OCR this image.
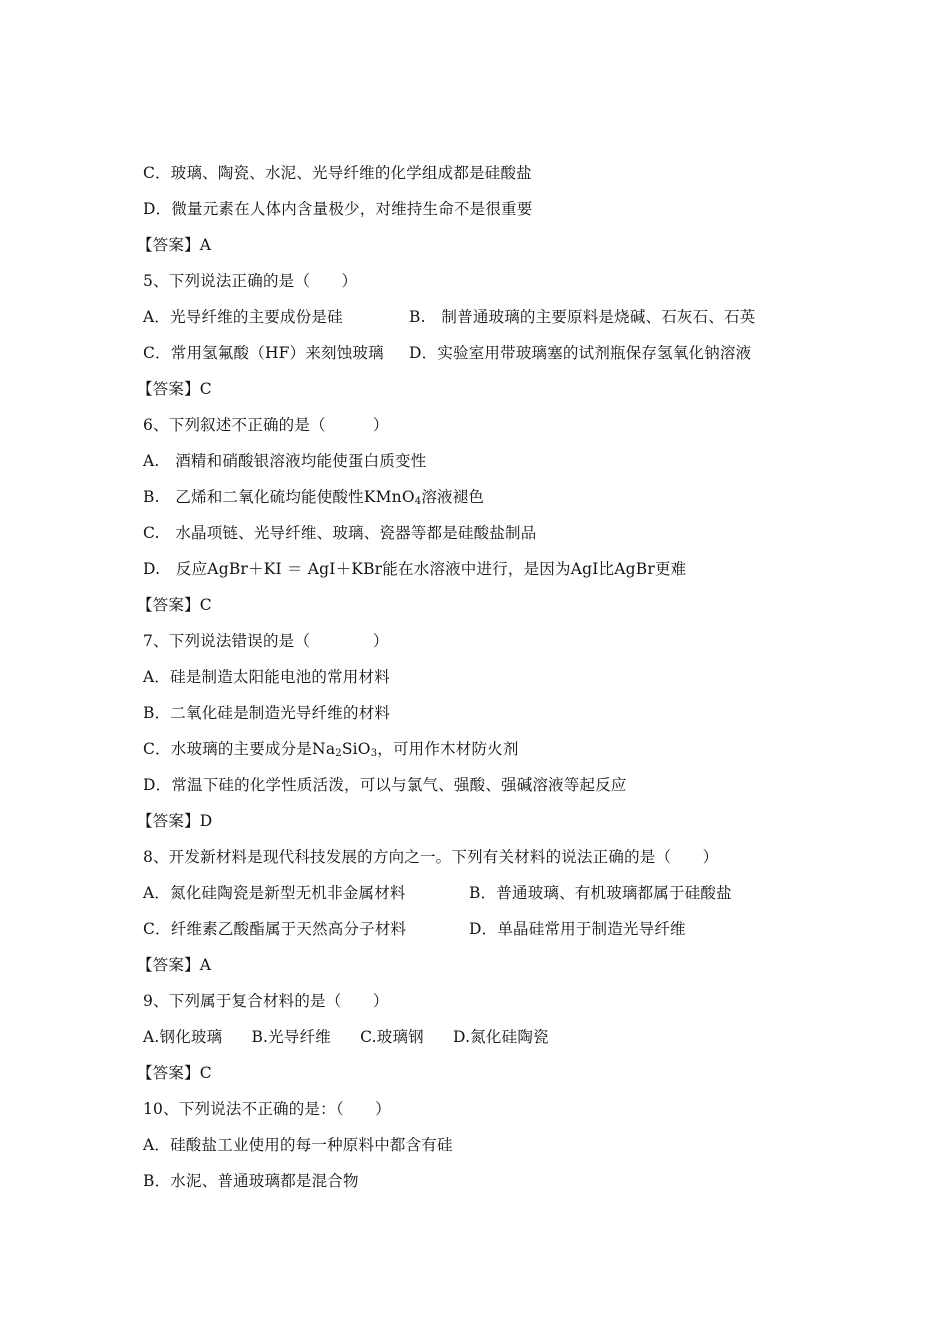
C．玻璃、陶瓷、水泥、光导纤维的化学组成都是硅酸盐
D．微量元素在人体内含量极少，对维持生命不是很重要
【答案】A
5、下列说法正确的是（　　）
A．光导纤维的主要成份是硅	B.　制普通玻璃的主要原料是烧碱、石灰石、石英
C．常用氢氟酸（HF）来刻蚀玻璃	D．实验室用带玻璃塞的试剂瓶保存氢氧化钠溶液
【答案】C
6、下列叙述不正确的是（　　　）
A.　酒精和硝酸银溶液均能使蛋白质变性
B.　乙烯和二氧化硫均能使酸性KMnO$_4$溶液褪色
C.　水晶项链、光导纤维、玻璃、瓷器等都是硅酸盐制品
D.　反应AgBr＋KI ＝ AgI＋KBr能在水溶液中进行，是因为AgI比AgBr更难
【答案】C
7、下列说法错误的是（　　　　）
A．硅是制造太阳能电池的常用材料
B．二氧化硅是制造光导纤维的材料
C．水玻璃的主要成分是$Na_2SiO_3$，可用作木材防火剂
D．常温下硅的化学性质活泼，可以与氯气、强酸、强碱溶液等起反应
【答案】D
8、开发新材料是现代科技发展的方向之一。下列有关材料的说法正确的是（　　）
A．氮化硅陶瓷是新型无机非金属材料	B．普通玻璃、有机玻璃都属于硅酸盐
C．纤维素乙酸酯属于天然高分子材料	D．单晶硅常用于制造光导纤维
【答案】A
9、下列属于复合材料的是（　　）
A.钢化玻璃 B.光导纤维 C.玻璃钢 D.氮化硅陶瓷
【答案】C
10、下列说法不正确的是：（　　）
A．硅酸盐工业使用的每一种原料中都含有硅
B．水泥、普通玻璃都是混合物
